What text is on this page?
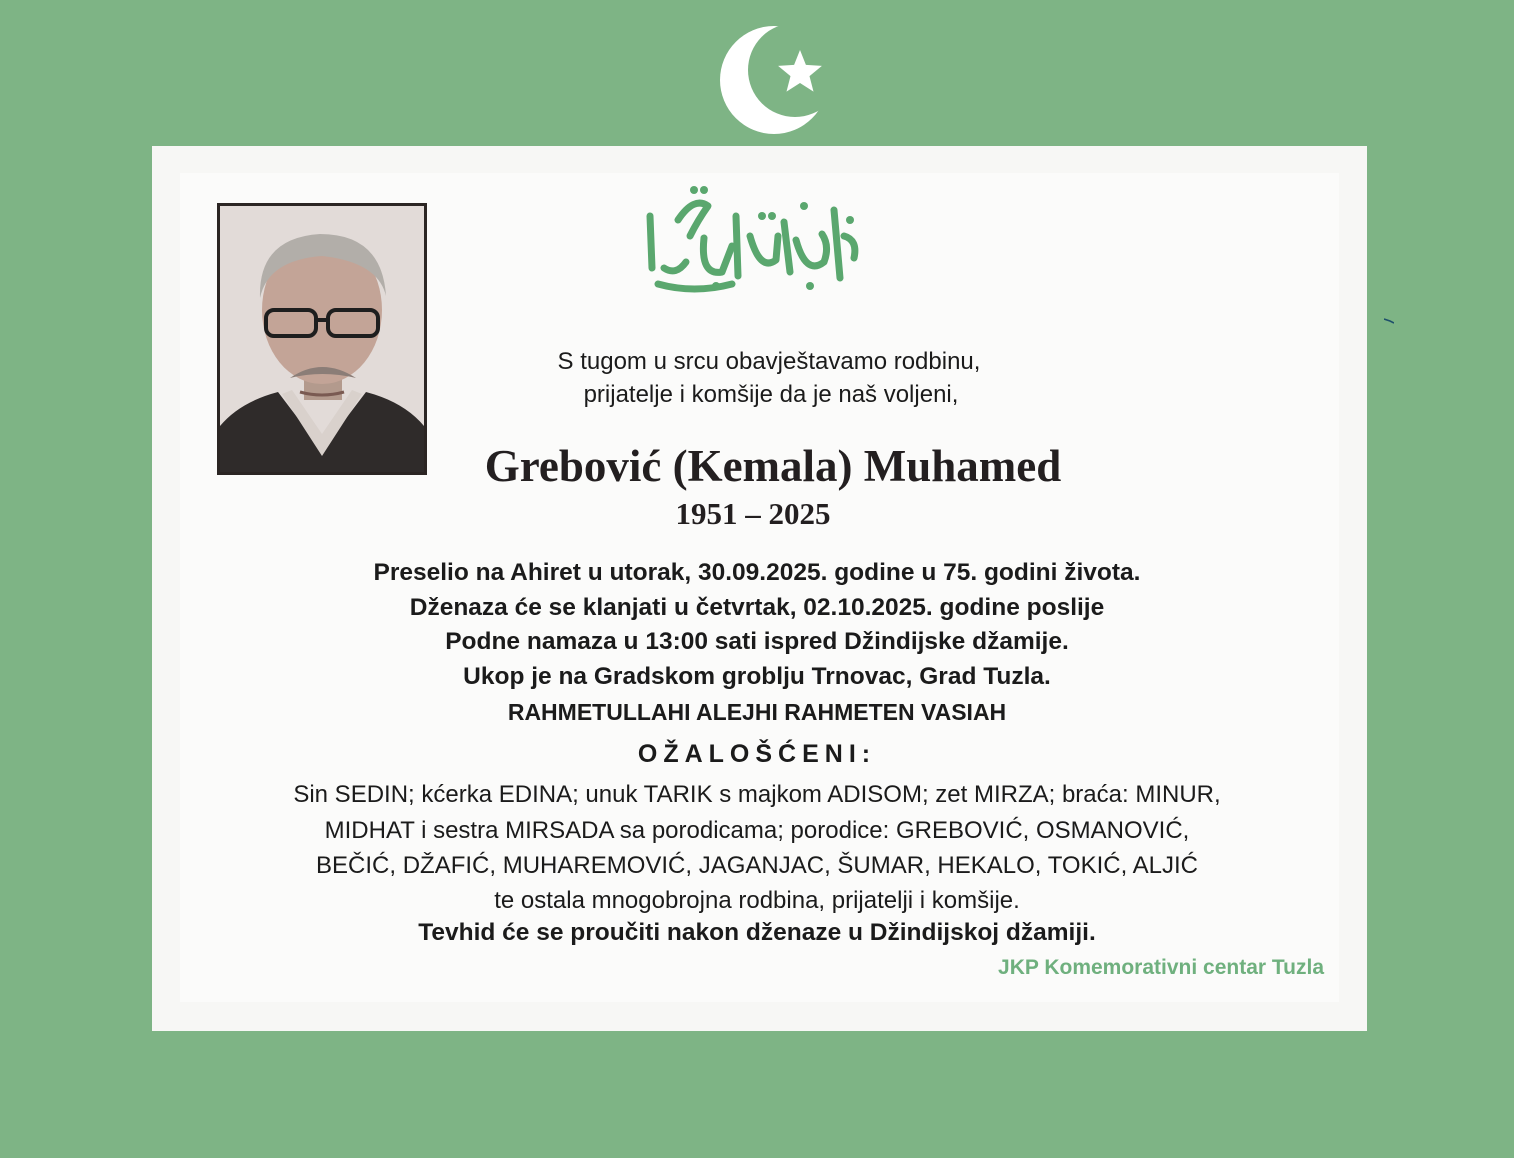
S tugom u srcu obavještavamo rodbinu,
prijatelje i komšije da je naš voljeni,
Grebović (Kemala) Muhamed
1951 – 2025
Preselio na Ahiret u utorak, 30.09.2025. godine u 75. godini života.
Dženaza će se klanjati u četvrtak, 02.10.2025. godine poslije
Podne namaza u 13:00 sati ispred Džindijske džamije.
Ukop je na Gradskom groblju Trnovac, Grad Tuzla.
RAHMETULLAHI ALEJHI RAHMETEN VASIAH
OŽALOŠĆENI:
Sin SEDIN; kćerka EDINA; unuk TARIK s majkom ADISOM; zet MIRZA; braća: MINUR,
MIDHAT i sestra MIRSADA sa porodicama; porodice: GREBOVIĆ, OSMANOVIĆ,
BEČIĆ, DŽAFIĆ, MUHAREMOVIĆ, JAGANJAC, ŠUMAR, HEKALO, TOKIĆ, ALJIĆ
te ostala mnogobrojna rodbina, prijatelji i komšije.
Tevhid će se proučiti nakon dženaze u Džindijskoj džamiji.
JKP Komemorativni centar Tuzla
